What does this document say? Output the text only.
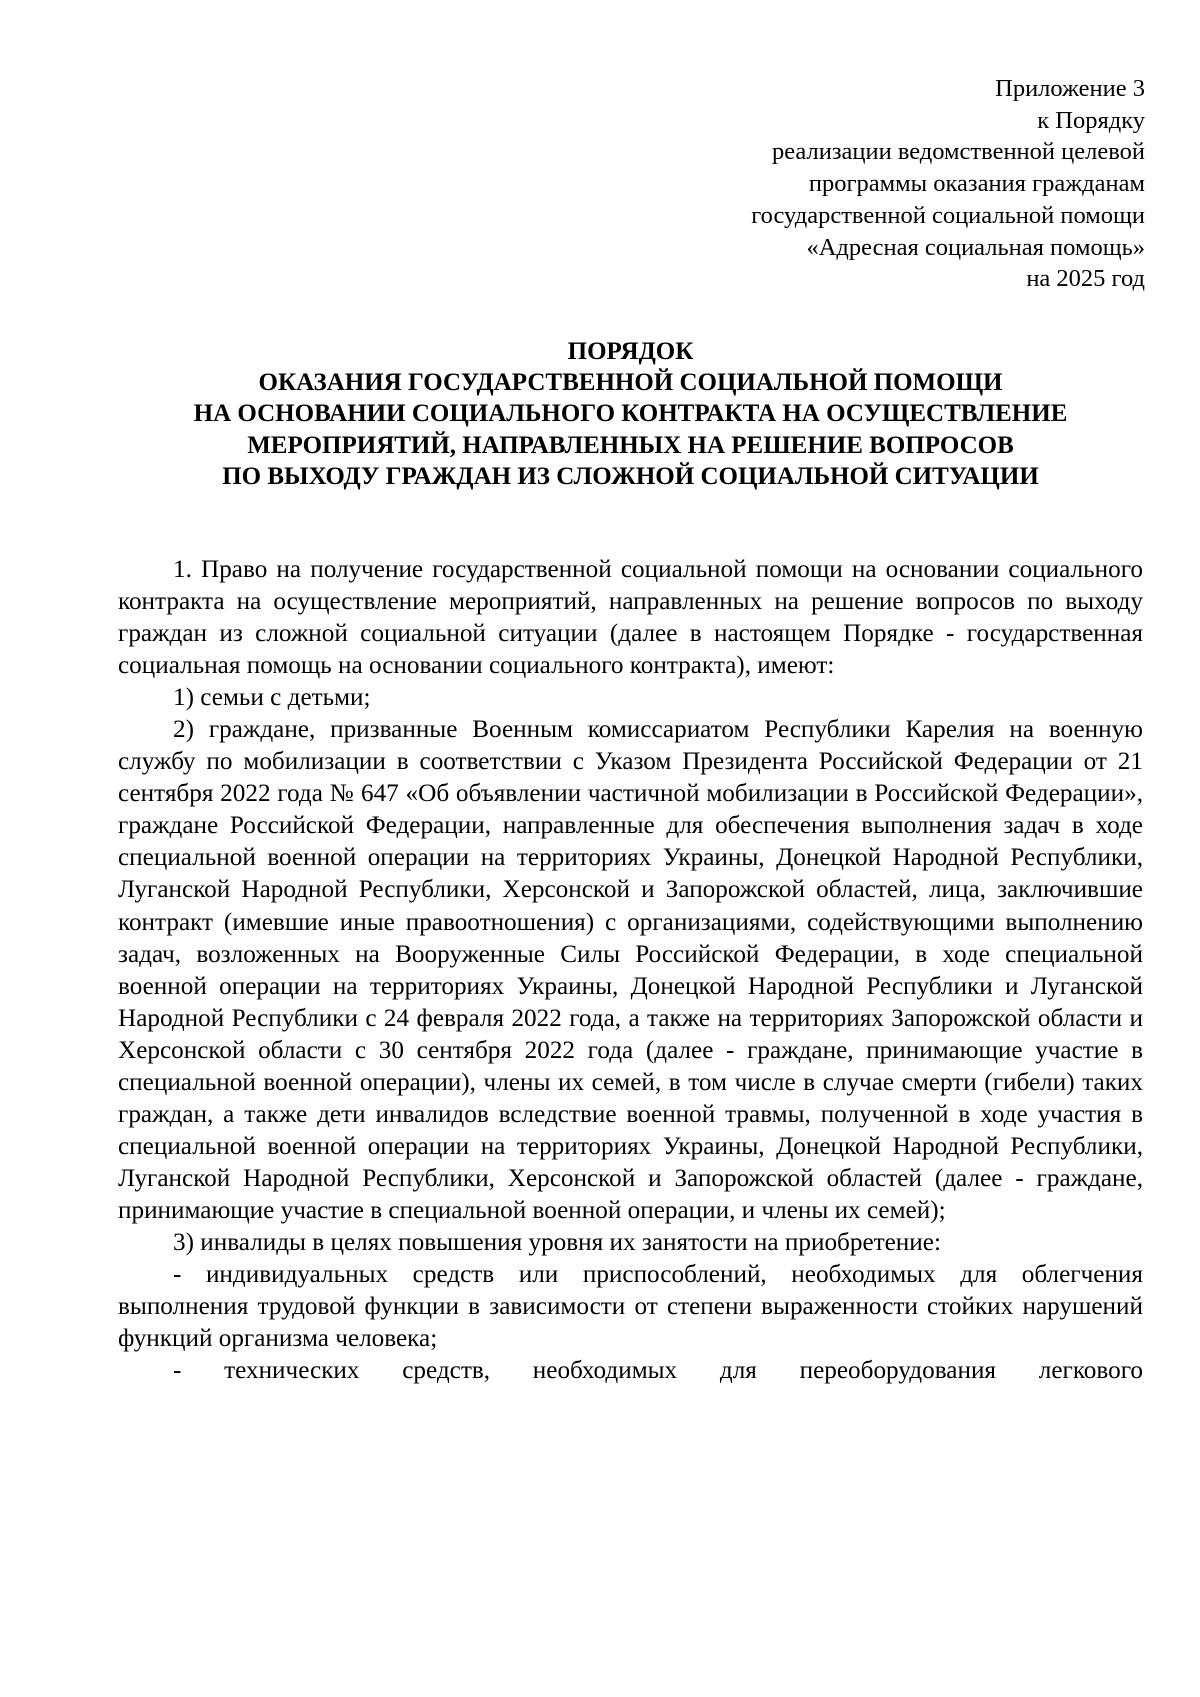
Приложение 3
к Порядку
реализации ведомственной целевой
программы оказания гражданам
государственной социальной помощи
«Адресная социальная помощь»
на 2025 год
ПОРЯДОК
ОКАЗАНИЯ ГОСУДАРСТВЕННОЙ СОЦИАЛЬНОЙ ПОМОЩИ
НА ОСНОВАНИИ СОЦИАЛЬНОГО КОНТРАКТА НА ОСУЩЕСТВЛЕНИЕ
МЕРОПРИЯТИЙ, НАПРАВЛЕННЫХ НА РЕШЕНИЕ ВОПРОСОВ
ПО ВЫХОДУ ГРАЖДАН ИЗ СЛОЖНОЙ СОЦИАЛЬНОЙ СИТУАЦИИ

1. Право на получение государственной социальной помощи на основании социального контракта на осуществление мероприятий, направленных на решение вопросов по выходу граждан из сложной социальной ситуации (далее в настоящем Порядке - государственная социальная помощь на основании социального контракта), имеют:

1) семьи с детьми;

2) граждане, призванные Военным комиссариатом Республики Карелия на военную службу по мобилизации в соответствии с Указом Президента Российской Федерации от 21 сентября 2022 года № 647 «Об объявлении частичной мобилизации в Российской Федерации», граждане Российской Федерации, направленные для обеспечения выполнения задач в ходе специальной военной операции на территориях Украины, Донецкой Народной Республики, Луганской Народной Республики, Херсонской и Запорожской областей, лица, заключившие контракт (имевшие иные правоотношения) с организациями, содействующими выполнению задач, возложенных на Вооруженные Силы Российской Федерации, в ходе специальной военной операции на территориях Украины, Донецкой Народной Республики и Луганской Народной Республики с 24 февраля 2022 года, а также на территориях Запорожской области и Херсонской области с 30 сентября 2022 года (далее - граждане, принимающие участие в специальной военной операции), члены их семей, в том числе в случае смерти (гибели) таких граждан, а также дети инвалидов вследствие военной травмы, полученной в ходе участия в специальной военной операции на территориях Украины, Донецкой Народной Республики, Луганской Народной Республики, Херсонской и Запорожской областей (далее - граждане, принимающие участие в специальной военной операции, и члены их семей);

3) инвалиды в целях повышения уровня их занятости на приобретение:

- индивидуальных средств или приспособлений, необходимых для облегчения выполнения трудовой функции в зависимости от степени выраженности стойких нарушений функций организма человека;

- технических средств, необходимых для переоборудования легкового
